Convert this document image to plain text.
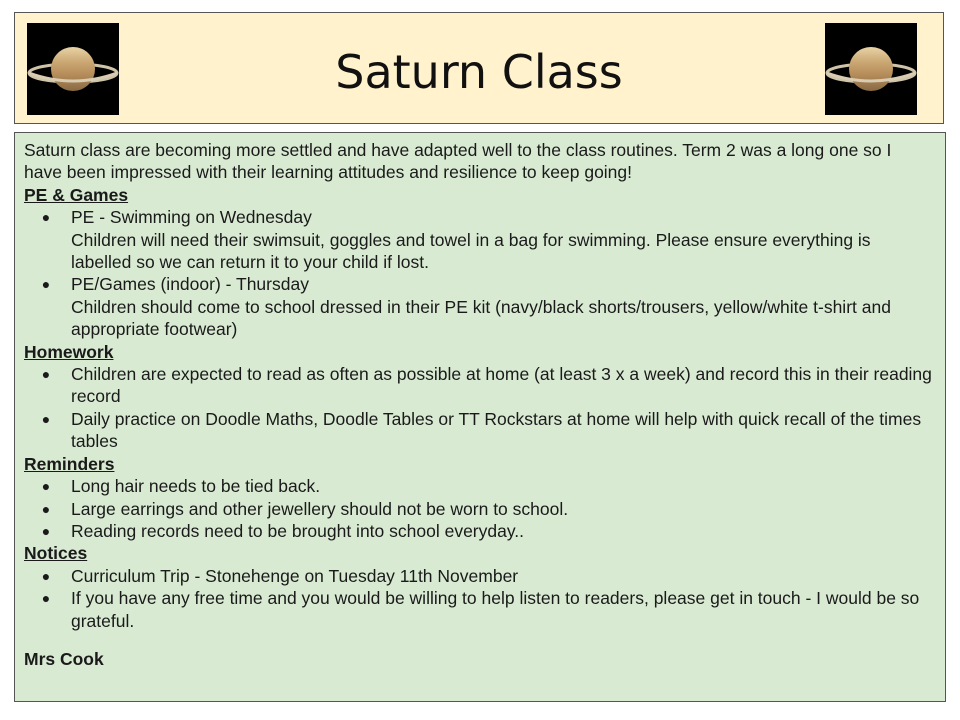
Saturn Class

Saturn class are becoming more settled and have adapted well to the class routines. Term 2 was a long one so I have been impressed with their learning attitudes and resilience to keep going!

PE & Games

● PE - Swimming on Wednesday
Children will need their swimsuit, goggles and towel in a bag for swimming. Please ensure everything is labelled so we can return it to your child if lost.
● PE/Games (indoor) - Thursday
Children should come to school dressed in their PE kit (navy/black shorts/trousers, yellow/white t-shirt and appropriate footwear)

Homework

● Children are expected to read as often as possible at home (at least 3 x a week) and record this in their reading record
● Daily practice on Doodle Maths, Doodle Tables or TT Rockstars at home will help with quick recall of the times tables

Reminders

● Long hair needs to be tied back.
● Large earrings and other jewellery should not be worn to school.
● Reading records need to be brought into school everyday..

Notices

● Curriculum Trip - Stonehenge on Tuesday 11th November
● If you have any free time and you would be willing to help listen to readers, please get in touch - I would be so grateful.

Mrs Cook
